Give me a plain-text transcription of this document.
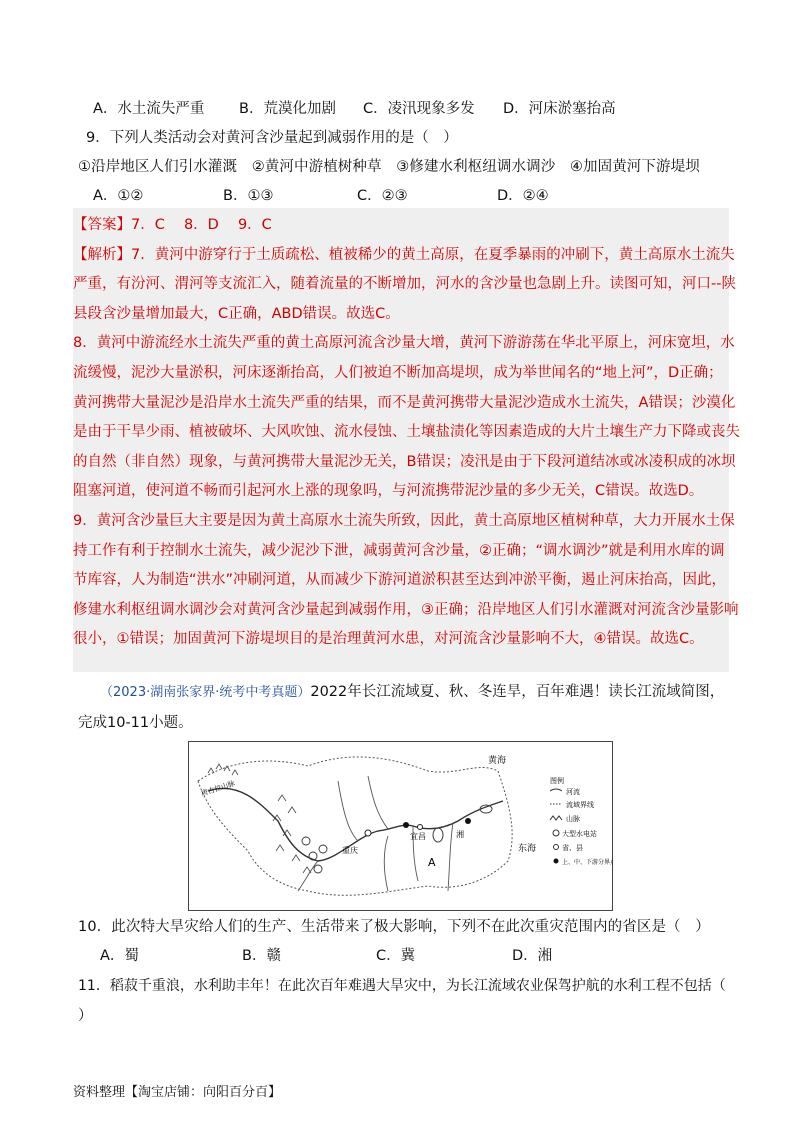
A．水土流失严重 B．荒漠化加剧 C．凌汛现象多发 D．河床淤塞抬高
9．下列人类活动会对黄河含沙量起到减弱作用的是（　）
①沿岸地区人们引水灌溉　②黄河中游植树种草　③修建水利枢纽调水调沙　④加固黄河下游堤坝
A．①②	B．①③	C．②③	D．②④
【答案】7．C　 8．D　 9．C
【解析】7．黄河中游穿行于土质疏松、植被稀少的黄土高原，在夏季暴雨的冲刷下，黄土高原水土流失
严重，有汾河、渭河等支流汇入，随着流量的不断增加，河水的含沙量也急剧上升。读图可知，河口--陕
县段含沙量增加最大，C正确，ABD错误。故选C。
8．黄河中游流经水土流失严重的黄土高原河流含沙量大增，黄河下游游荡在华北平原上，河床宽坦，水
流缓慢，泥沙大量淤积，河床逐渐抬高，人们被迫不断加高堤坝，成为举世闻名的“地上河”，D正确；
黄河携带大量泥沙是沿岸水土流失严重的结果，而不是黄河携带大量泥沙造成水土流失，A错误；沙漠化
是由于干旱少雨、植被破坏、大风吹蚀、流水侵蚀、土壤盐渍化等因素造成的大片土壤生产力下降或丧失
的自然（非自然）现象，与黄河携带大量泥沙无关，B错误；凌汛是由于下段河道结冰或冰凌积成的冰坝
阻塞河道，使河道不畅而引起河水上涨的现象吗，与河流携带泥沙量的多少无关，C错误。故选D。
9．黄河含沙量巨大主要是因为黄土高原水土流失所致，因此，黄土高原地区植树种草，大力开展水土保
持工作有利于控制水土流失，减少泥沙下泄，减弱黄河含沙量，②正确；“调水调沙”就是利用水库的调
节库容，人为制造“洪水”冲刷河道，从而减少下游河道淤积甚至达到冲淤平衡，遏止河床抬高，因此，
修建水利枢纽调水调沙会对黄河含沙量起到减弱作用，③正确；沿岸地区人们引水灌溉对河流含沙量影响
很小，①错误；加固黄河下游堤坝目的是治理黄河水患，对河流含沙量影响不大，④错误。故选C。
（2023·湖南张家界·统考中考真题）2022年长江流域夏、秋、冬连旱，百年难遇！读长江流域简图，
完成10-11小题。
重庆
宜昌	湘
A
黄海
东海
唐古拉山脉	图例
河流
流域界线
山脉
大型水电站
省、县
上、中、下游分界点
10．此次特大旱灾给人们的生产、生活带来了极大影响，下列不在此次重灾范围内的省区是（　）
A．蜀	B．赣	C．冀	D．湘
11．稻菽千重浪，水利助丰年！在此次百年难遇大旱灾中，为长江流域农业保驾护航的水利工程不包括（
）
资料整理【淘宝店铺：向阳百分百】
